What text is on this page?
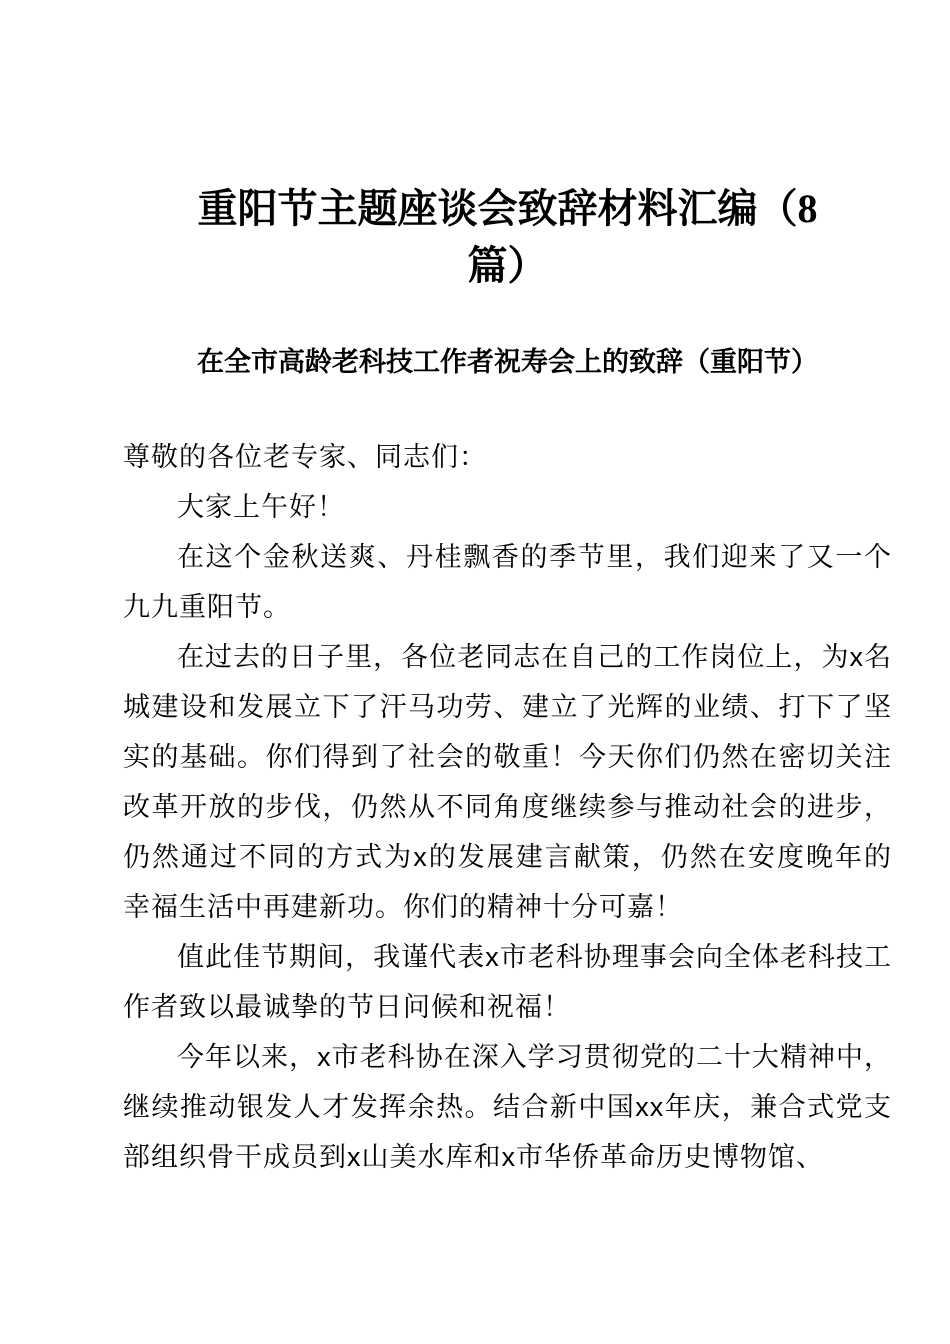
重阳节主题座谈会致辞材料汇编（8
篇）
在全市高龄老科技工作者祝寿会上的致辞（重阳节）

尊敬的各位老专家、同志们：

大家上午好！

在这个金秋送爽、丹桂飘香的季节里，我们迎来了又一个九九重阳节。

在过去的日子里，各位老同志在自己的工作岗位上，为x名城建设和发展立下了汗马功劳、建立了光辉的业绩、打下了坚实的基础。你们得到了社会的敬重！今天你们仍然在密切关注改革开放的步伐，仍然从不同角度继续参与推动社会的进步，仍然通过不同的方式为x的发展建言献策，仍然在安度晚年的幸福生活中再建新功。你们的精神十分可嘉！

值此佳节期间，我谨代表x市老科协理事会向全体老科技工作者致以最诚挚的节日问候和祝福！

今年以来，x市老科协在深入学习贯彻党的二十大精神中，继续推动银发人才发挥余热。结合新中国xx年庆，兼合式党支部组织骨干成员到x山美水库和x市华侨革命历史博物馆、
